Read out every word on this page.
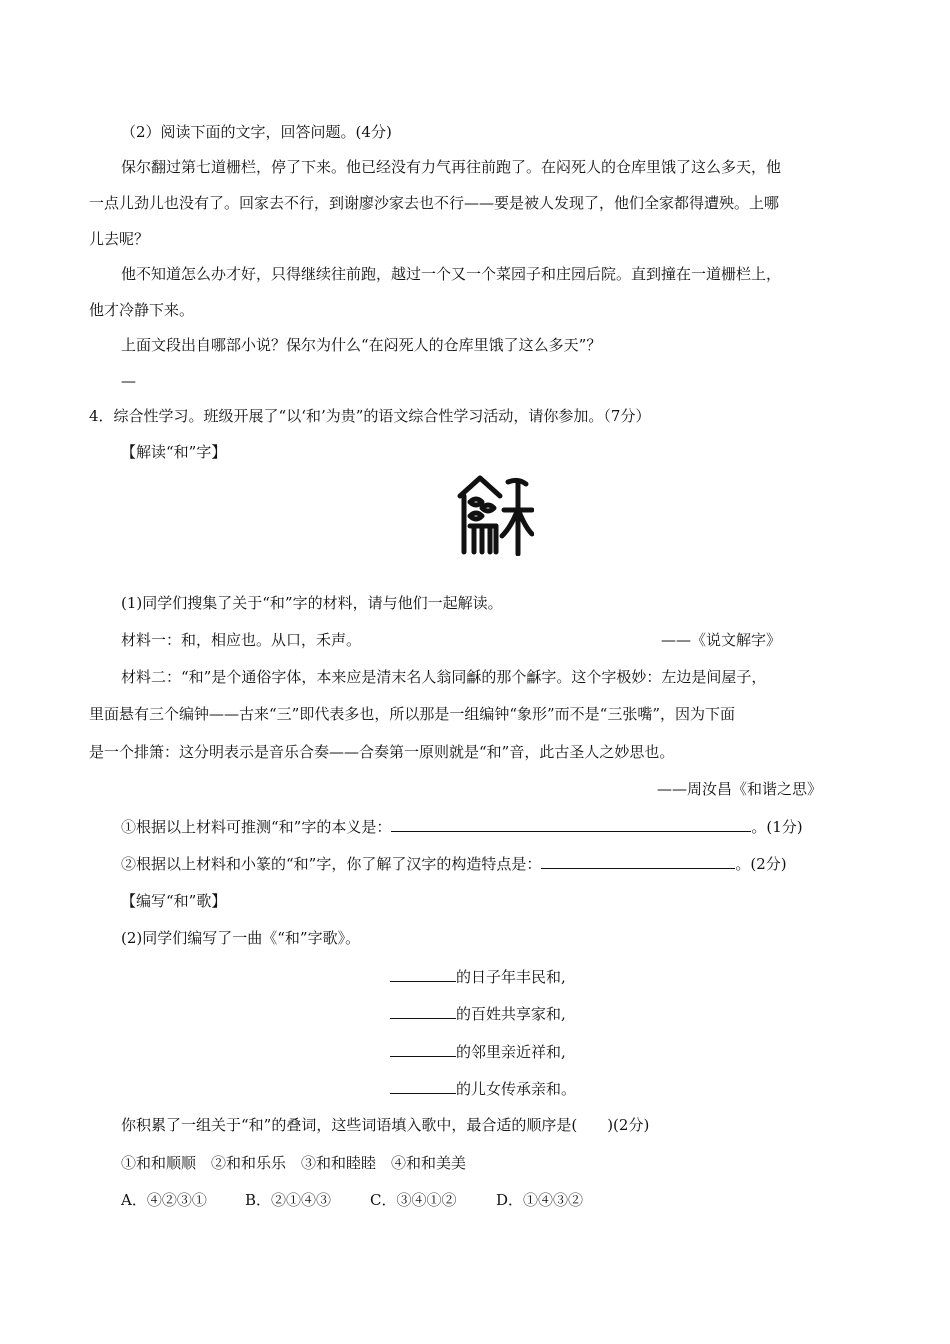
（2）阅读下面的文字，回答问题。(4分)
保尔翻过第七道栅栏，停了下来。他已经没有力气再往前跑了。在闷死人的仓库里饿了这么多天，他
一点儿劲儿也没有了。回家去不行，到谢廖沙家去也不行——要是被人发现了，他们全家都得遭殃。上哪
儿去呢？
他不知道怎么办才好，只得继续往前跑，越过一个又一个菜园子和庄园后院。直到撞在一道栅栏上，
他才冷静下来。
上面文段出自哪部小说？保尔为什么“在闷死人的仓库里饿了这么多天”？
—
4．综合性学习。班级开展了“以‘和’为贵”的语文综合性学习活动，请你参加。（7分）
【解读“和”字】
(1)同学们搜集了关于“和”字的材料，请与他们一起解读。
材料一：和，相应也。从口，禾声。	——《说文解字》
材料二：“和”是个通俗字体，本来应是清末名人翁同龢的那个龢字。这个字极妙：左边是间屋子，
里面悬有三个编钟——古来“三”即代表多也，所以那是一组编钟“象形”而不是“三张嘴”，因为下面
是一个排箫：这分明表示是音乐合奏——合奏第一原则就是“和”音，此古圣人之妙思也。
——周汝昌《和谐之思》
①根据以上材料可推测“和”字的本义是：	。(1分)
②根据以上材料和小篆的“和”字，你了解了汉字的构造特点是：	。(2分)
【编写“和”歌】
(2)同学们编写了一曲《“和”字歌》。
的日子年丰民和,
的百姓共享家和,
的邻里亲近祥和,
的儿女传承亲和。
你积累了一组关于“和”的叠词，这些词语填入歌中，最合适的顺序是(　　)(2分)
①和和顺顺　②和和乐乐　③和和睦睦　④和和美美
A．④②③①	B．②①④③	C．③④①②	D．①④③②
